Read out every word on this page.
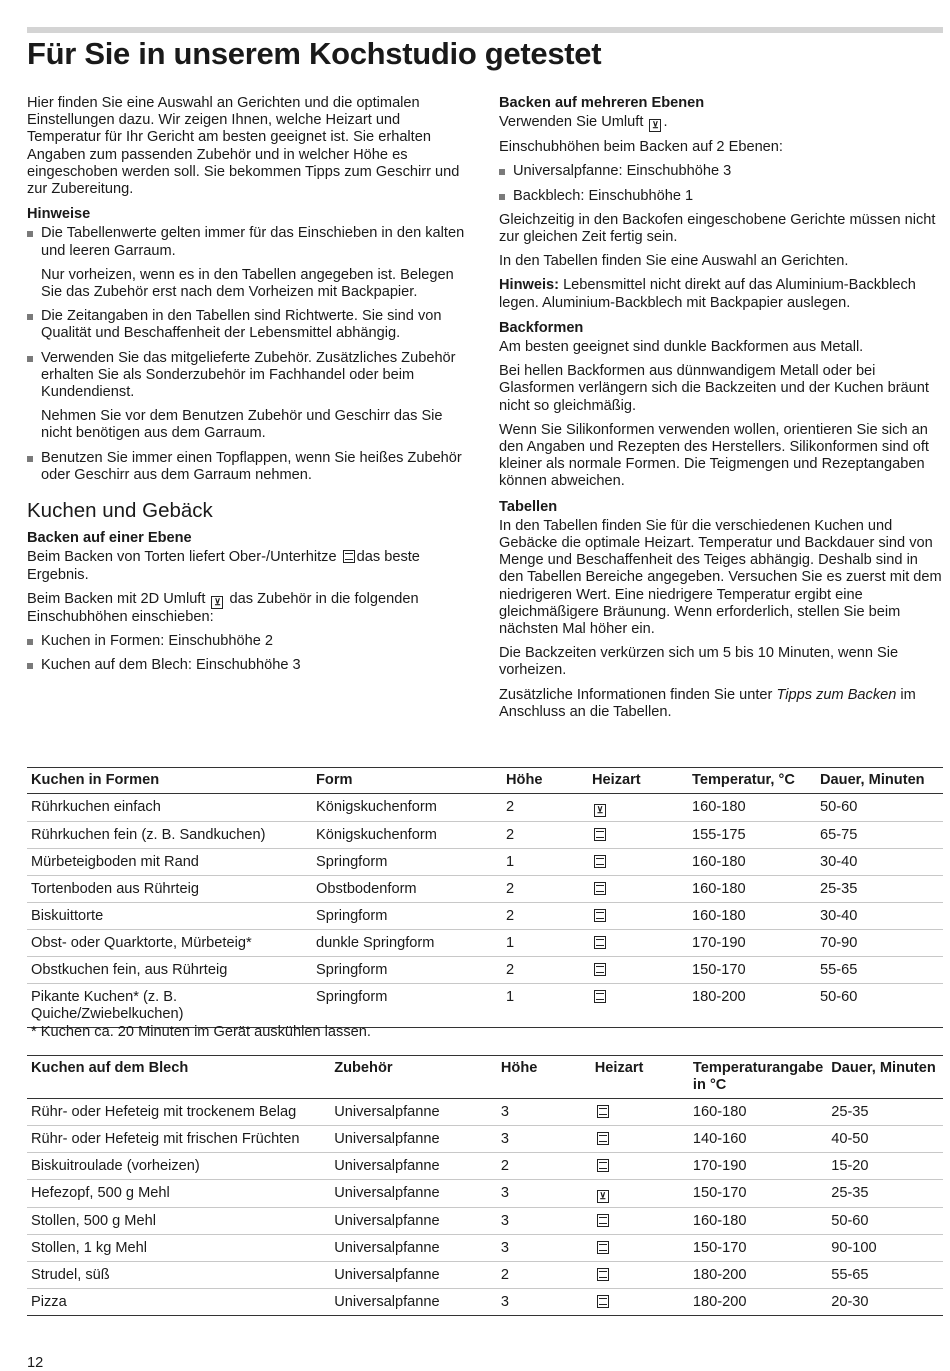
Für Sie in unserem Kochstudio getestet

Hier finden Sie eine Auswahl an Gerichten und die optimalen Einstellungen dazu. Wir zeigen Ihnen, welche Heizart und Temperatur für Ihr Gericht am besten geeignet ist. Sie erhalten Angaben zum passenden Zubehör und in welcher Höhe es eingeschoben werden soll. Sie bekommen Tipps zum Geschirr und zur Zubereitung.

Hinweise
Die Tabellenwerte gelten immer für das Einschieben in den kalten und leeren Garraum.
Nur vorheizen, wenn es in den Tabellen angegeben ist. Belegen Sie das Zubehör erst nach dem Vorheizen mit Backpapier.
Die Zeitangaben in den Tabellen sind Richtwerte. Sie sind von Qualität und Beschaffenheit der Lebensmittel abhängig.
Verwenden Sie das mitgelieferte Zubehör. Zusätzliches Zubehör erhalten Sie als Sonderzubehör im Fachhandel oder beim Kundendienst.
Nehmen Sie vor dem Benutzen Zubehör und Geschirr das Sie nicht benötigen aus dem Garraum.
Benutzen Sie immer einen Topflappen, wenn Sie heißes Zubehör oder Geschirr aus dem Garraum nehmen.
Kuchen und Gebäck
Backen auf einer Ebene

Beim Backen von Torten liefert Ober-/Unterhitze das beste Ergebnis.

Beim Backen mit 2D Umluft ⊻ das Zubehör in die folgenden Einschubhöhen einschieben:

Kuchen in Formen: Einschubhöhe 2
Kuchen auf dem Blech: Einschubhöhe 3
Backen auf mehreren Ebenen

Verwenden Sie Umluft ⊻ .

Einschubhöhen beim Backen auf 2 Ebenen:

Universalpfanne: Einschubhöhe 3
Backblech: Einschubhöhe 1

Gleichzeitig in den Backofen eingeschobene Gerichte müssen nicht zur gleichen Zeit fertig sein.

In den Tabellen finden Sie eine Auswahl an Gerichten.

Hinweis: Lebensmittel nicht direkt auf das Aluminium-Backblech legen. Aluminium-Backblech mit Backpapier auslegen.

Backformen

Am besten geeignet sind dunkle Backformen aus Metall.

Bei hellen Backformen aus dünnwandigem Metall oder bei Glasformen verlängern sich die Backzeiten und der Kuchen bräunt nicht so gleichmäßig.

Wenn Sie Silikonformen verwenden wollen, orientieren Sie sich an den Angaben und Rezepten des Herstellers. Silikonformen sind oft kleiner als normale Formen. Die Teigmengen und Rezeptangaben können abweichen.

Tabellen

In den Tabellen finden Sie für die verschiedenen Kuchen und Gebäcke die optimale Heizart. Temperatur und Backdauer sind von Menge und Beschaffenheit des Teiges abhängig. Deshalb sind in den Tabellen Bereiche angegeben. Versuchen Sie es zuerst mit dem niedrigeren Wert. Eine niedrigere Temperatur ergibt eine gleichmäßigere Bräunung. Wenn erforderlich, stellen Sie beim nächsten Mal höher ein.

Die Backzeiten verkürzen sich um 5 bis 10 Minuten, wenn Sie vorheizen.

Zusätzliche Informationen finden Sie unter Tipps zum Backen im Anschluss an die Tabellen.

Kuchen in Formen	Form	Höhe	Heizart	Temperatur, °C	Dauer, Minuten
Rührkuchen einfach	Königskuchenform	2	⊻	160-180	50-60
Rührkuchen fein (z. B. Sandkuchen)	Königskuchenform	2		155-175	65-75
Mürbeteigboden mit Rand	Springform	1		160-180	30-40
Tortenboden aus Rührteig	Obstbodenform	2		160-180	25-35
Biskuittorte	Springform	2		160-180	30-40
Obst- oder Quarktorte, Mürbeteig*	dunkle Springform	1		170-190	70-90
Obstkuchen fein, aus Rührteig	Springform	2		150-170	55-65
Pikante Kuchen* (z. B. Quiche/Zwiebelkuchen)	Springform	1		180-200	50-60
* Kuchen ca. 20 Minuten im Gerät auskühlen lassen.
Kuchen auf dem Blech	Zubehör	Höhe	Heizart	Temperaturangabe in °C	Dauer, Minuten
Rühr- oder Hefeteig mit trockenem Belag	Universalpfanne	3		160-180	25-35
Rühr- oder Hefeteig mit frischen Früchten	Universalpfanne	3		140-160	40-50
Biskuitroulade (vorheizen)	Universalpfanne	2		170-190	15-20
Hefezopf, 500 g Mehl	Universalpfanne	3	⊻	150-170	25-35
Stollen, 500 g Mehl	Universalpfanne	3		160-180	50-60
Stollen, 1 kg Mehl	Universalpfanne	3		150-170	90-100
Strudel, süß	Universalpfanne	2		180-200	55-65
Pizza	Universalpfanne	3		180-200	20-30
12
